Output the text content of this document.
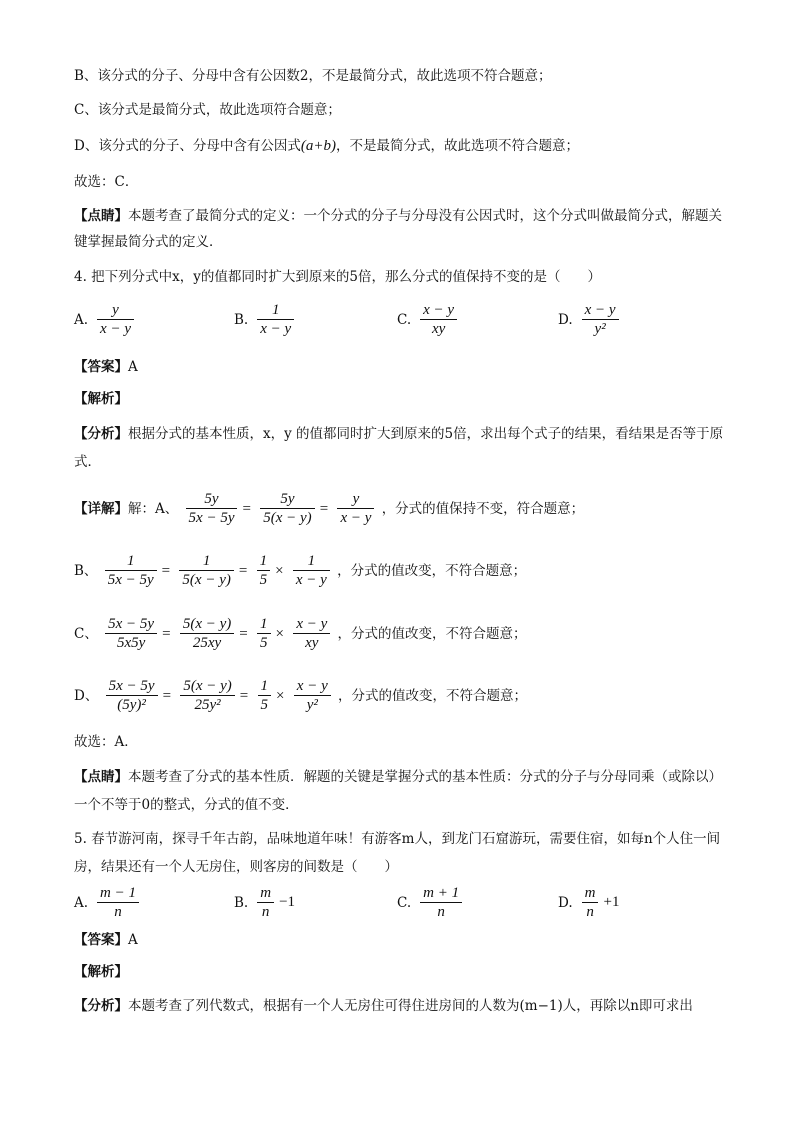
B、该分式的分子、分母中含有公因数2，不是最简分式，故此选项不符合题意；
C、该分式是最简分式，故此选项符合题意；
D、该分式的分子、分母中含有公因式(a+b)，不是最简分式，故此选项不符合题意；
故选：C．
【点睛】本题考查了最简分式的定义：一个分式的分子与分母没有公因式时，这个分式叫做最简分式，解题关键掌握最简分式的定义．
4. 把下列分式中x，y的值都同时扩大到原来的5倍，那么分式的值保持不变的是（　　）
A. $\frac{y}{x - y}$	B. $\frac{1}{x - y}$	C. $\frac{x - y}{xy}$	D. $\frac{x - y}{\text{y²}}$
【答案】A
【解析】
【分析】根据分式的基本性质，x，y 的值都同时扩大到原来的5倍，求出每个式子的结果，看结果是否等于原式．
【详解】解：A、 $\frac{5y}{5x - 5y} = \frac{5y}{5(x - y)} = \frac{y}{x - y}$ ，分式的值保持不变，符合题意；
B、 $\frac{1}{5x - 5y} = \frac{1}{5(x - y)} = \frac{1}{5} \times \frac{1}{x - y}$ ，分式的值改变，不符合题意；
C、 $\frac{5x - 5y}{5x5y} = \frac{5(x - y)}{25xy} = \frac{1}{5} \times \frac{x - y}{xy}$ ，分式的值改变，不符合题意；
D、 $\frac{5x - 5y}{\text{(5y)²}} = \frac{5(x - y)}{\text{25y²}} = \frac{1}{5} \times \frac{x - y}{\text{y²}}$ ，分式的值改变，不符合题意；
故选：A．
【点睛】本题考查了分式的基本性质．解题的关键是掌握分式的基本性质：分式的分子与分母同乘（或除以）一个不等于0的整式，分式的值不变．
5. 春节游河南，探寻千年古韵，品味地道年味！有游客m人，到龙门石窟游玩，需要住宿，如每n个人住一间房，结果还有一个人无房住，则客房的间数是（　　）
A. $\frac{m - 1}{n}$	B. $\frac{m}{n} -1$	C. $\frac{m + 1}{n}$	D. $\frac{m}{n} +1$
【答案】A
【解析】
【分析】本题考查了列代数式，根据有一个人无房住可得住进房间的人数为(m−1)人，再除以n即可求出
